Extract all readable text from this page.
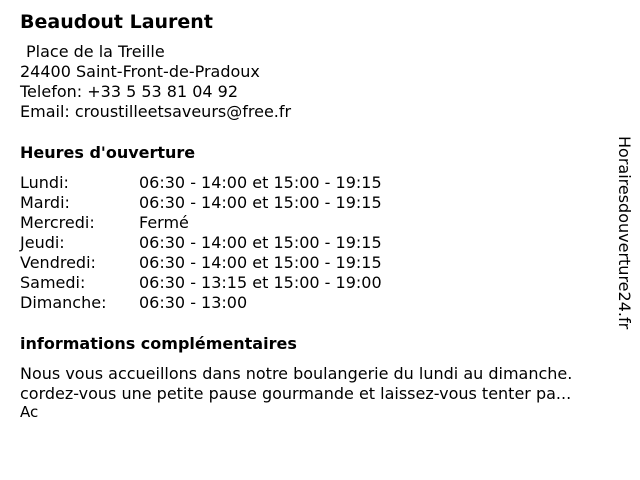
Beaudout Laurent
Place de la Treille
24400 Saint-Front-de-Pradoux
Telefon: +33 5 53 81 04 92
Email: croustilleetsaveurs@free.fr
Heures d'ouverture
Lundi:	06:30 - 14:00 et 15:00 - 19:15
Mardi:	06:30 - 14:00 et 15:00 - 19:15
Mercredi:	Fermé
Jeudi:	06:30 - 14:00 et 15:00 - 19:15
Vendredi:	06:30 - 14:00 et 15:00 - 19:15
Samedi:	06:30 - 13:15 et 15:00 - 19:00
Dimanche:	06:30 - 13:00
informations complémentaires
Nous vous accueillons dans notre boulangerie du lundi au dimanche.
cordez-vous une petite pause gourmande et laissez-vous tenter pa...
Ac
Horairesdouverture24.fr
